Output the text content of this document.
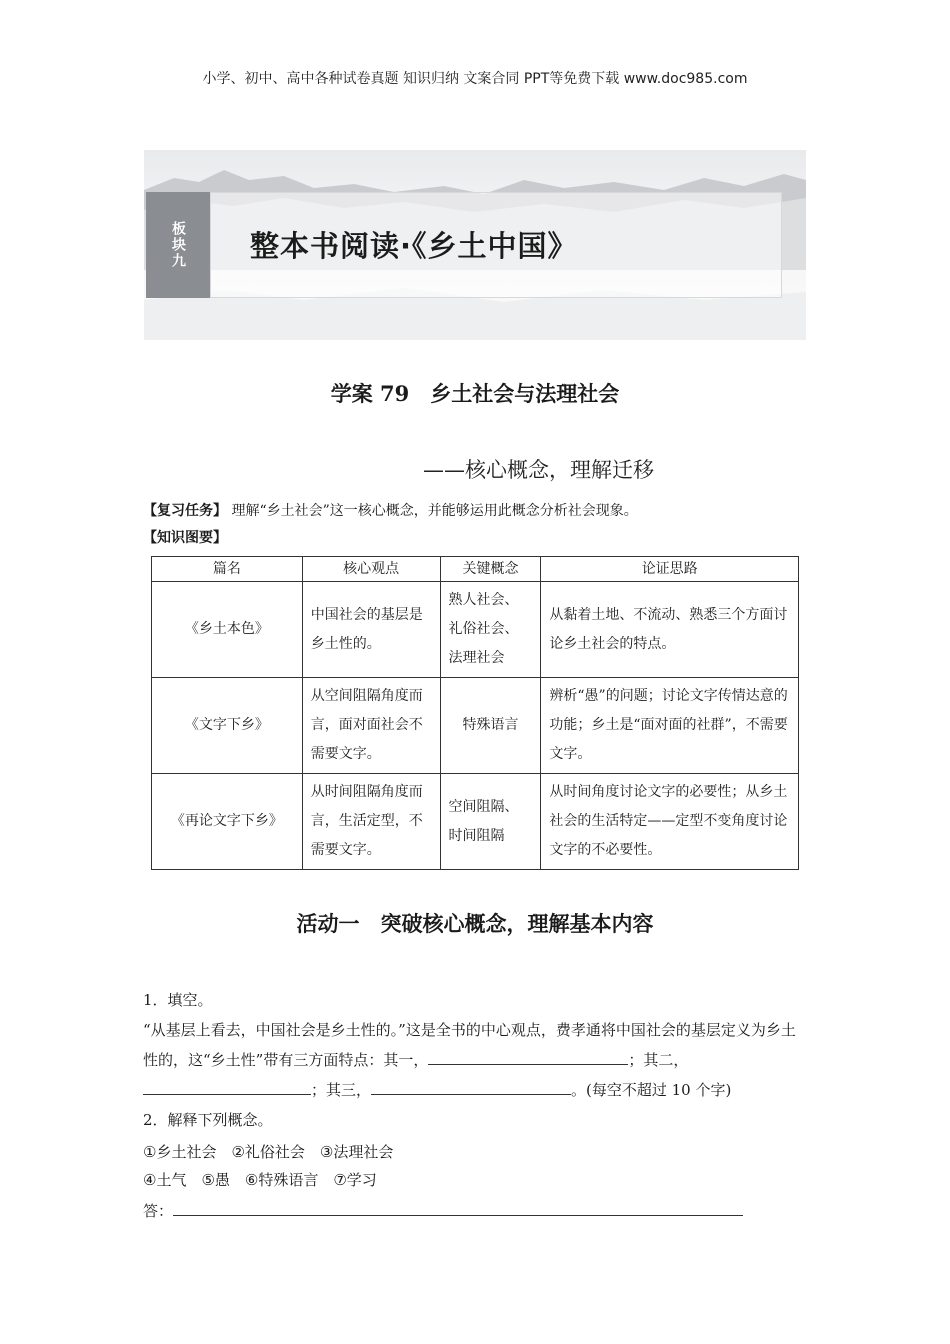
小学、初中、高中各种试卷真题 知识归纳 文案合同 PPT等免费下载 www.doc985.com
板块九 整本书阅读·《乡土中国》
学案 79　乡土社会与法理社会
——核心概念，理解迁移
【复习任务】 理解“乡土社会”这一核心概念，并能够运用此概念分析社会现象。
【知识图要】
篇名	核心观点	关键概念	论证思路
《乡土本色》	中国社会的基层是乡土性的。	熟人社会、礼俗社会、法理社会	从黏着土地、不流动、熟悉三个方面讨论乡土社会的特点。
《文字下乡》	从空间阻隔角度而言，面对面社会不需要文字。	特殊语言	辨析“愚”的问题；讨论文字传情达意的功能；乡土是“面对面的社群”，不需要文字。
《再论文字下乡》	从时间阻隔角度而言，生活定型，不需要文字。	空间阻隔、时间阻隔	从时间角度讨论文字的必要性；从乡土社会的生活特定——定型不变角度讨论文字的不必要性。
活动一　突破核心概念，理解基本内容
1．填空。
“从基层上看去，中国社会是乡土性的。”这是全书的中心观点，费孝通将中国社会的基层定义为乡土性的，这“乡土性”带有三方面特点：其一，	；其二，；其三，	。(每空不超过 10 个字)
2．解释下列概念。
①乡土社会　②礼俗社会　③法理社会
④土气　⑤愚　⑥特殊语言　⑦学习
答：
